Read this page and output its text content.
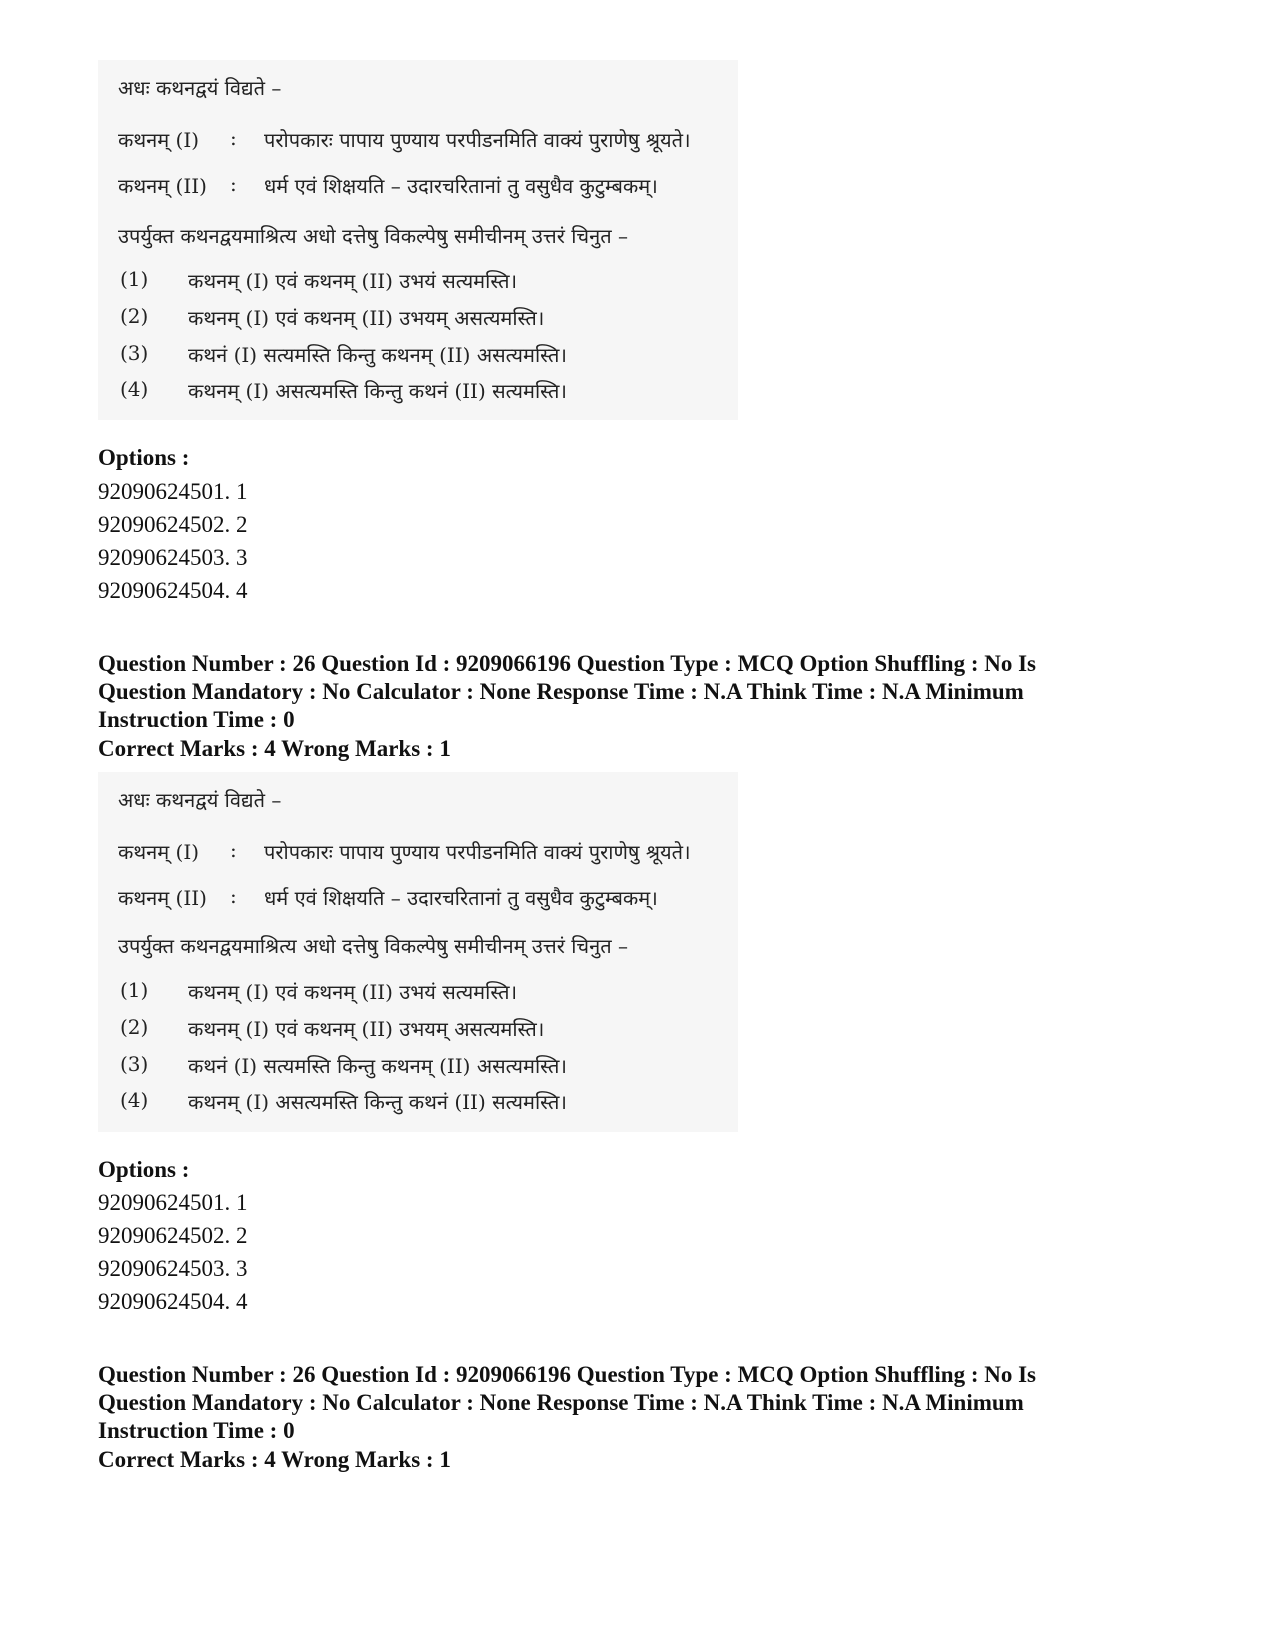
अधः कथनद्वयं विद्यते –
कथनम् (I) : परोपकारः पापाय पुण्याय परपीडनमिति वाक्यं पुराणेषु श्रूयते।
कथनम् (II) : धर्म एवं शिक्षयति – उदारचरितानां तु वसुधैव कुटुम्बकम्।
उपर्युक्त कथनद्वयमाश्रित्य अधो दत्तेषु विकल्पेषु समीचीनम् उत्तरं चिनुत –
(1) कथनम् (I) एवं कथनम् (II) उभयं सत्यमस्ति।
(2) कथनम् (I) एवं कथनम् (II) उभयम् असत्यमस्ति।
(3) कथनं (I) सत्यमस्ति किन्तु कथनम् (II) असत्यमस्ति।
(4) कथनम् (I) असत्यमस्ति किन्तु कथनं (II) सत्यमस्ति।
Options :
92090624501. 1
92090624502. 2
92090624503. 3
92090624504. 4
Question Number : 26 Question Id : 9209066196 Question Type : MCQ Option Shuffling : No Is
Question Mandatory : No Calculator : None Response Time : N.A Think Time : N.A Minimum
Instruction Time : 0
Correct Marks : 4 Wrong Marks : 1
अधः कथनद्वयं विद्यते –
कथनम् (I) : परोपकारः पापाय पुण्याय परपीडनमिति वाक्यं पुराणेषु श्रूयते।
कथनम् (II) : धर्म एवं शिक्षयति – उदारचरितानां तु वसुधैव कुटुम्बकम्।
उपर्युक्त कथनद्वयमाश्रित्य अधो दत्तेषु विकल्पेषु समीचीनम् उत्तरं चिनुत –
(1) कथनम् (I) एवं कथनम् (II) उभयं सत्यमस्ति।
(2) कथनम् (I) एवं कथनम् (II) उभयम् असत्यमस्ति।
(3) कथनं (I) सत्यमस्ति किन्तु कथनम् (II) असत्यमस्ति।
(4) कथनम् (I) असत्यमस्ति किन्तु कथनं (II) सत्यमस्ति।
Options :
92090624501. 1
92090624502. 2
92090624503. 3
92090624504. 4
Question Number : 26 Question Id : 9209066196 Question Type : MCQ Option Shuffling : No Is
Question Mandatory : No Calculator : None Response Time : N.A Think Time : N.A Minimum
Instruction Time : 0
Correct Marks : 4 Wrong Marks : 1
